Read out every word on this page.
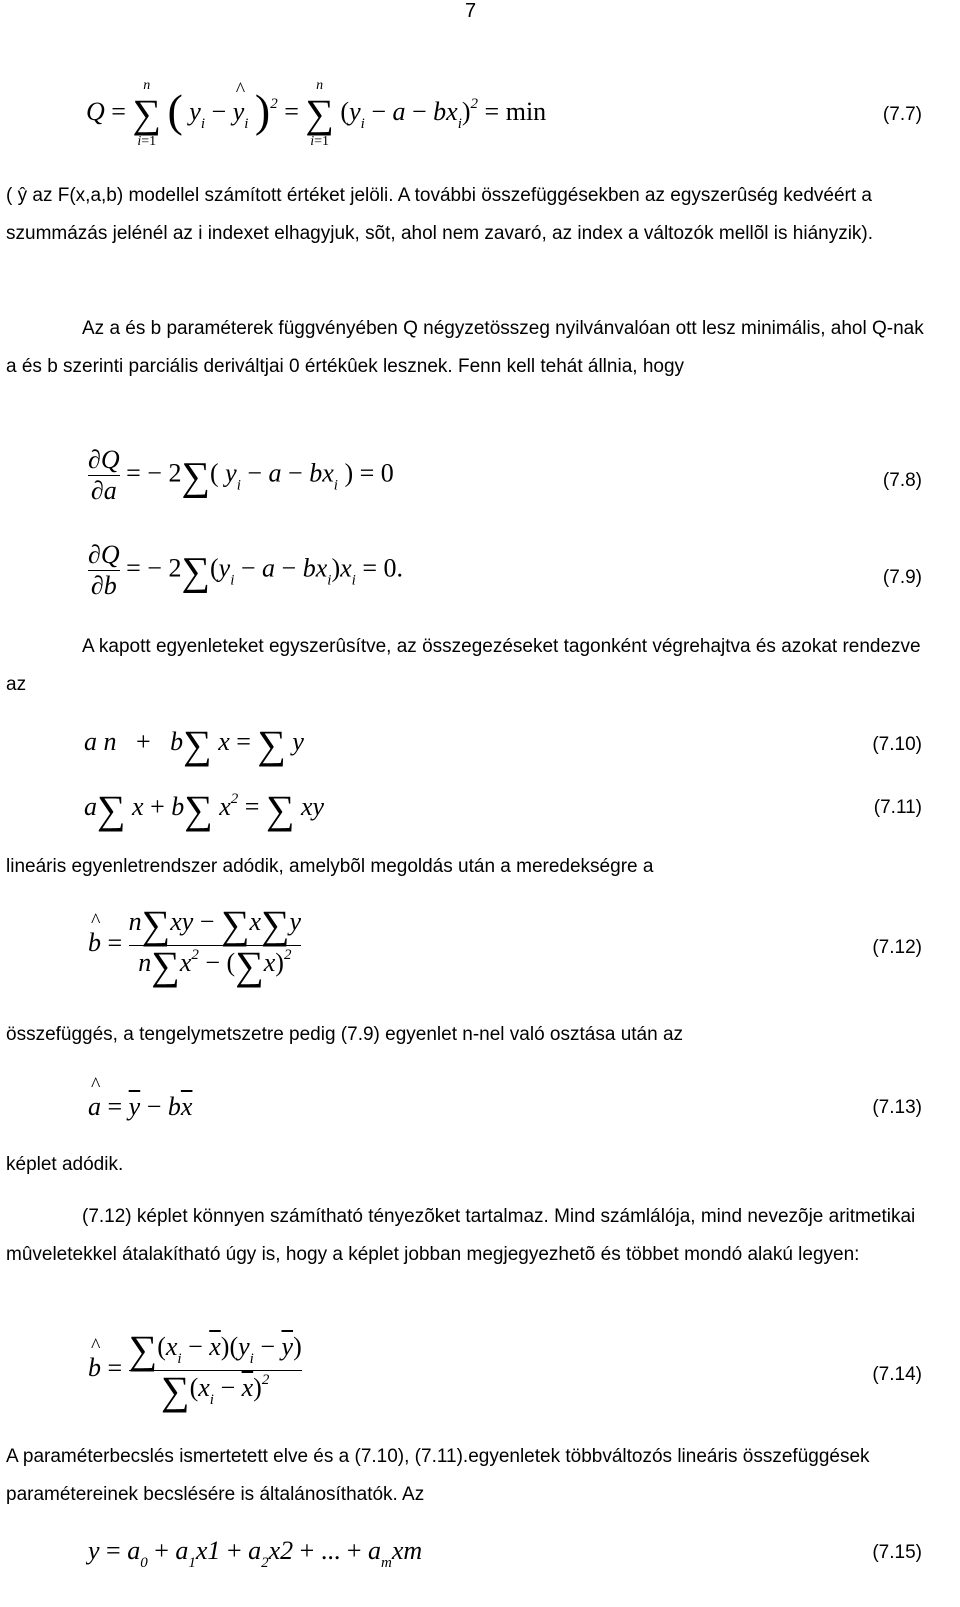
7
Q =
n
∑
i=1
( $y_i$ − ^ $y_i$ )$^2$ =
n
∑
i=1
$(y_i - a - bx_i)^2 = \min$	(7.7)
( ŷ az F(x,a,b) modellel számított értéket jelöli. A további összefüggésekben az egyszerûség kedvéért a szummázás jelénél az i indexet elhagyjuk, sõt, ahol nem zavaró, az index a változók mellõl is hiányzik).
Az a és b paraméterek függvényében Q négyzetösszeg nyilvánvalóan ott lesz minimális, ahol Q-nak a és b szerinti parciális deriváltjai 0 értékûek lesznek. Fenn kell tehát állnia, hogy
$\frac{\partial Q}{\partial a}$ = − 2∑( $y_i - a - bx_i$ ) = 0	(7.8)
$\frac{\partial Q}{\partial b}$ = − $2\sum(y_i - a - bx_i)x_i = 0$.	(7.9)
A kapott egyenleteket egyszerûsítve, az összegezéseket tagonként végrehajtva és azokat rendezve az
a n   +   b∑ x = ∑ y	(7.10)
a∑ x + b∑ $x^2$ = ∑ xy	(7.11)
lineáris egyenletrendszer adódik, amelybõl megoldás után a meredekségre a
^ $b = \frac{n\sum xy - \sum x\sum y}{n\sum x^2 - (\sum x)^2}$	(7.12)
összefüggés, a tengelymetszetre pedig (7.9) egyenlet n-nel való osztása után az
^ $a = \overline{y} - b\overline{x}$	(7.13)
képlet adódik.
(7.12) képlet könnyen számítható tényezõket tartalmaz. Mind számlálója, mind nevezõje aritmetikai mûveletekkel átalakítható úgy is, hogy a képlet jobban megjegyezhetõ és többet mondó alakú legyen:
^ $b = \frac{\sum(x_i - \overline{x})(y_i - \overline{y})}{\sum(x_i - \overline{x})^2}$	(7.14)
A paraméterbecslés ismertetett elve és a (7.10), (7.11).egyenletek többváltozós lineáris összefüggések paramétereinek becslésére is általánosíthatók. Az
$y = a_0 + a_1x1 + a_2x2$ + ... + $a_mxm$	(7.15)
